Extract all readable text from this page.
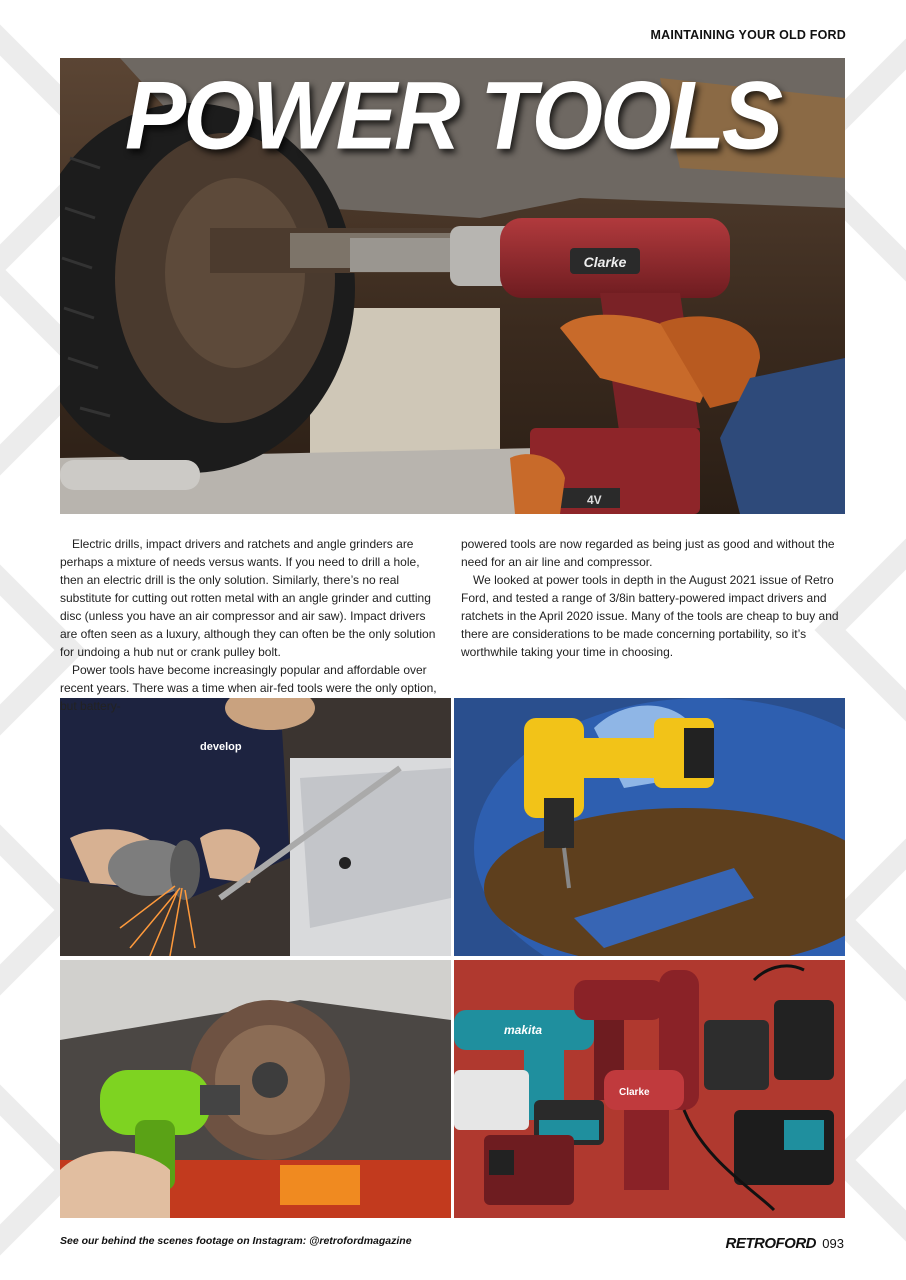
MAINTAINING YOUR OLD FORD
Clarke
4V
POWER TOOLS

Electric drills, impact drivers and ratchets and angle grinders are perhaps a mixture of needs versus wants. If you need to drill a hole, then an electric drill is the only solution. Similarly, there’s no real substitute for cutting out rotten metal with an angle grinder and cutting disc (unless you have an air compressor and air saw). Impact drivers are often seen as a luxury, although they can often be the only solution for undoing a hub nut or crank pulley bolt.

Power tools have become increasingly popular and affordable over recent years. There was a time when air-fed tools were the only option, but battery-

powered tools are now regarded as being just as good and without the need for an air line and compressor.

We looked at power tools in depth in the August 2021 issue of Retro Ford, and tested a range of 3/8in battery-powered impact drivers and ratchets in the April 2020 issue. Many of the tools are cheap to buy and there are considerations to be made concerning portability, so it’s worthwhile taking your time in choosing.

develop
makita
Clarke
See our behind the scenes footage on Instagram: @retrofordmagazine	RETROFORD 093
